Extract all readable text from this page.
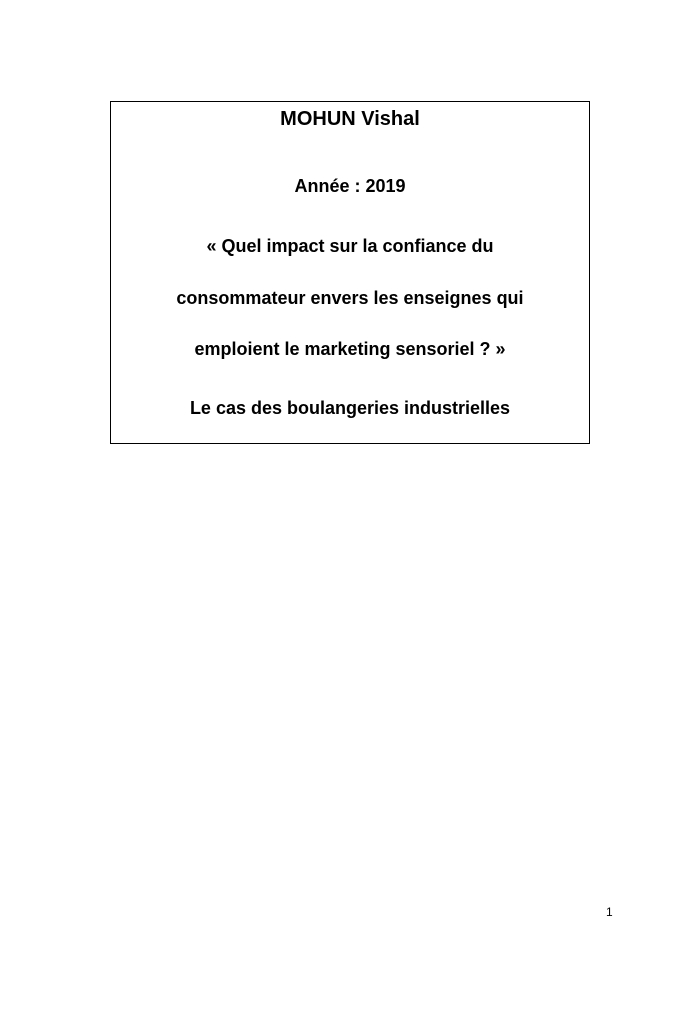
MOHUN Vishal

Année : 2019

« Quel impact sur la confiance du

consommateur envers les enseignes qui

emploient le marketing sensoriel ? »

Le cas des boulangeries industrielles

1
